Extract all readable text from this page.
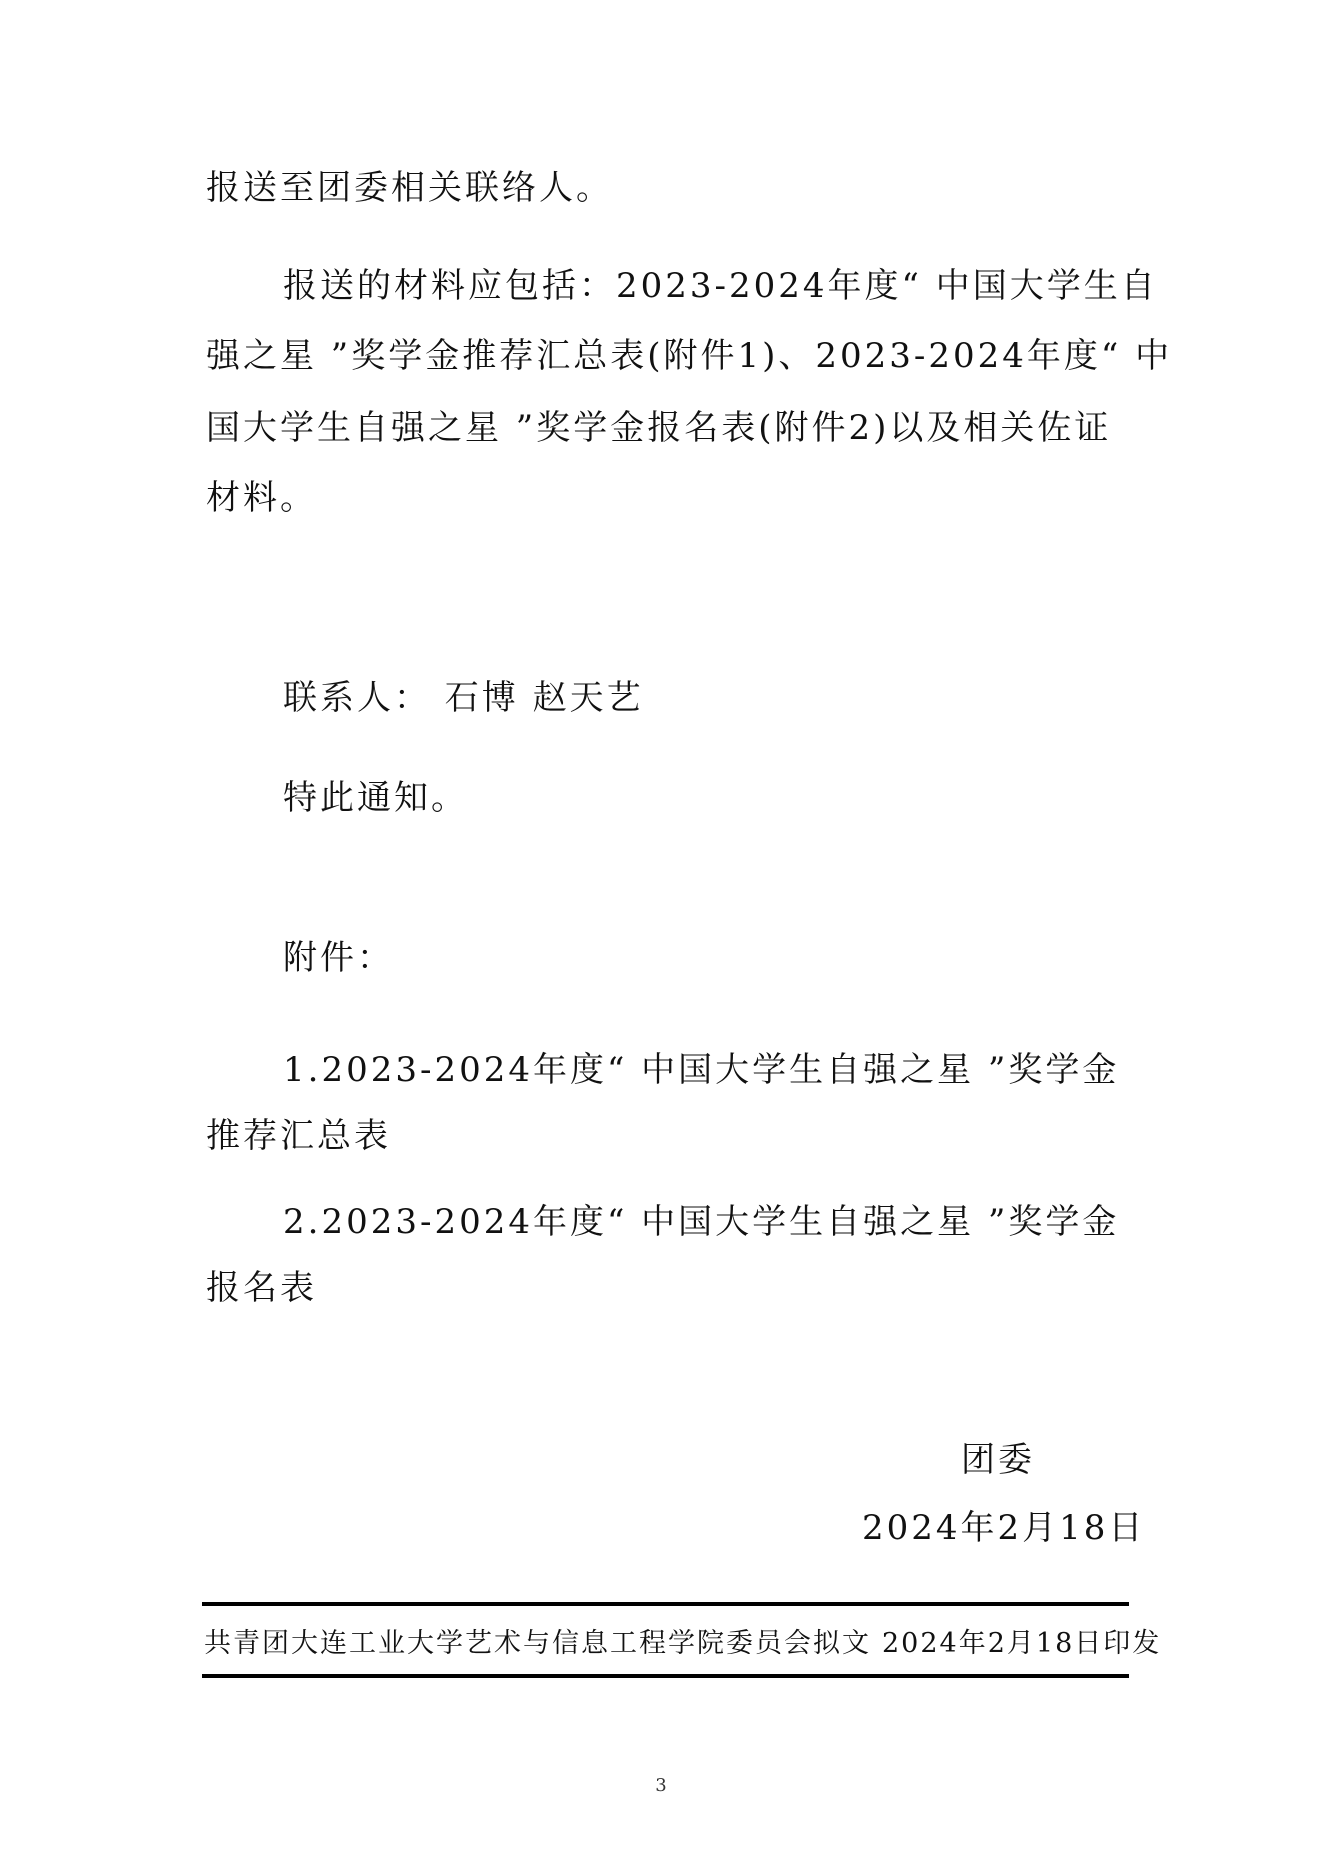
报送至团委相关联络人。
报送的材料应包括：2023-2024年度“ 中国大学生自
强之星 ”奖学金推荐汇总表(附件1)、2023-2024年度“ 中
国大学生自强之星 ”奖学金报名表(附件2)以及相关佐证
材料。
联系人： 石博 赵天艺
特此通知。
附件：
1.2023-2024年度“ 中国大学生自强之星 ”奖学金
推荐汇总表
2.2023-2024年度“ 中国大学生自强之星 ”奖学金
报名表
团委
2024年2月18日
共青团大连工业大学艺术与信息工程学院委员会拟文 2024年2月18日印发
3
